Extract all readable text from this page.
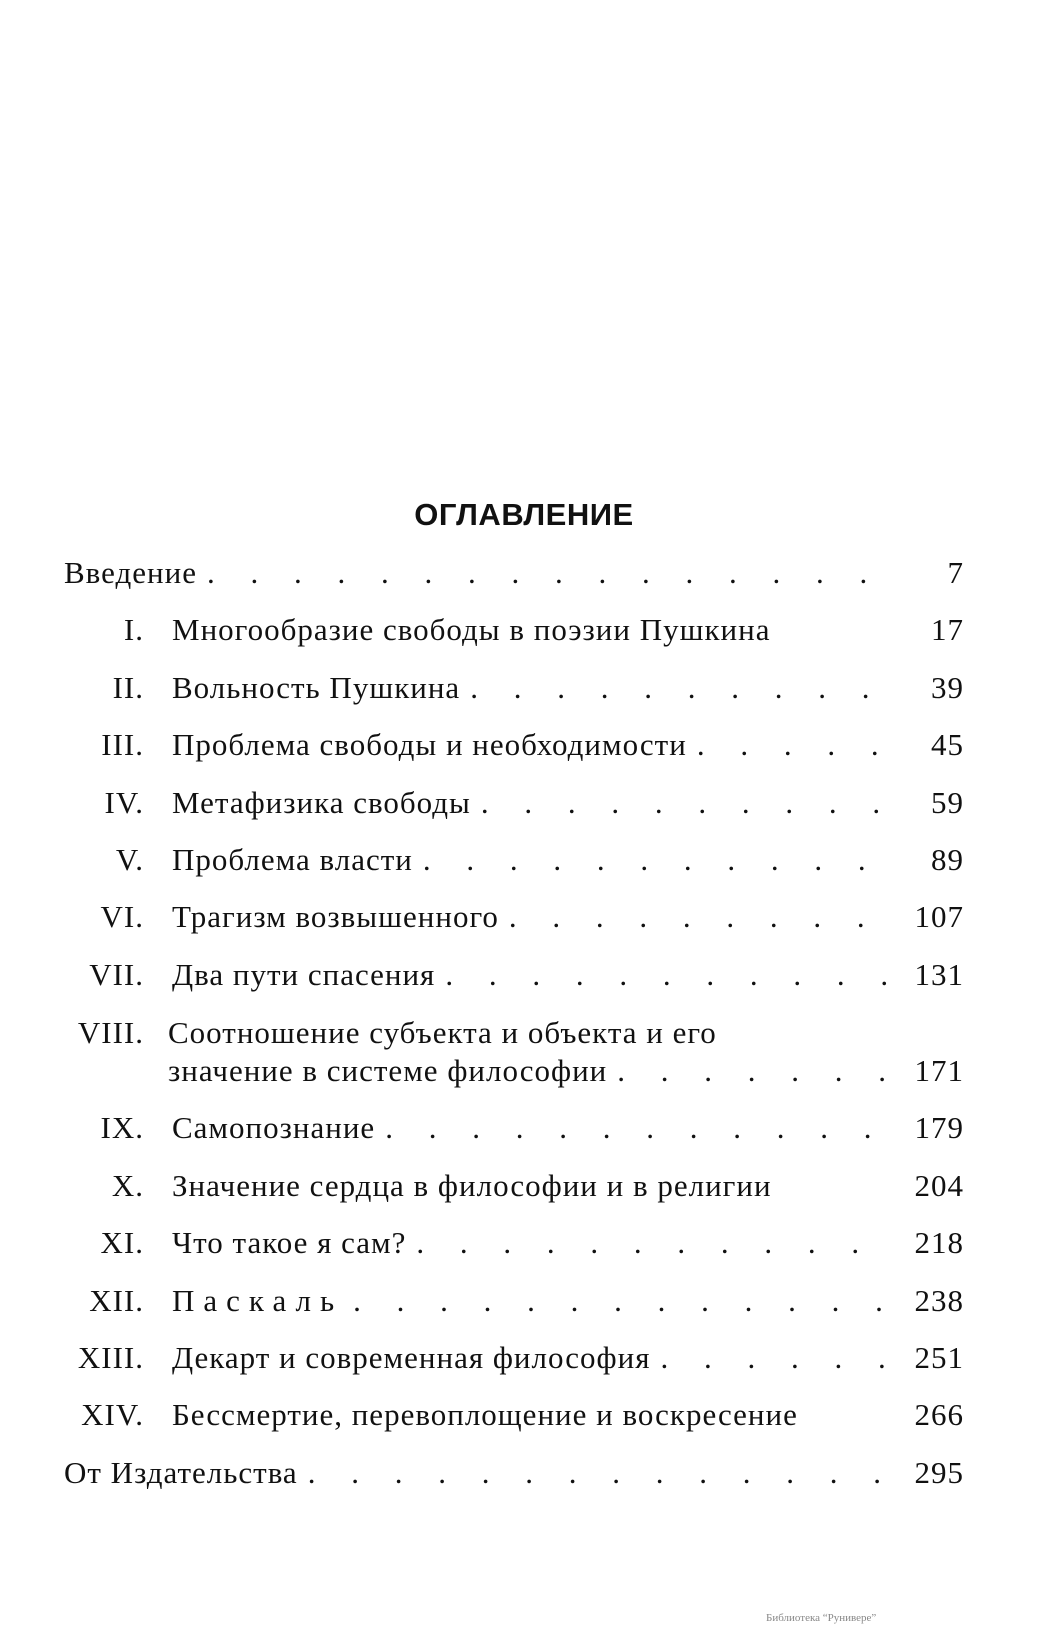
ОГЛАВЛЕНИЕ
Введение . . .	7
I. Многообразие свободы в поэзии Пушкина	17
II. Вольность Пушкина . . .	39
III. Проблема свободы и необходимости . . .	45
IV. Метафизика свободы . . .	59
V. Проблема власти . . .	89
VI. Трагизм возвышенного . . .	107
VII. Два пути спасения . . .	131
VIII. Соотношение субъекта и объекта и его
значение в системе философии . . .	171
IX. Самопознание . . .	179
X. Значение сердца в философии и в религии	204
XI. Что такое я сам? . . .	218
XII. Паскаль . . .	238
XIII. Декарт и современная философия . . .	251
XIV. Бессмертие, перевоплощение и воскресение	266
От Издательства . . .	295
Библиотека “Рунивере”
